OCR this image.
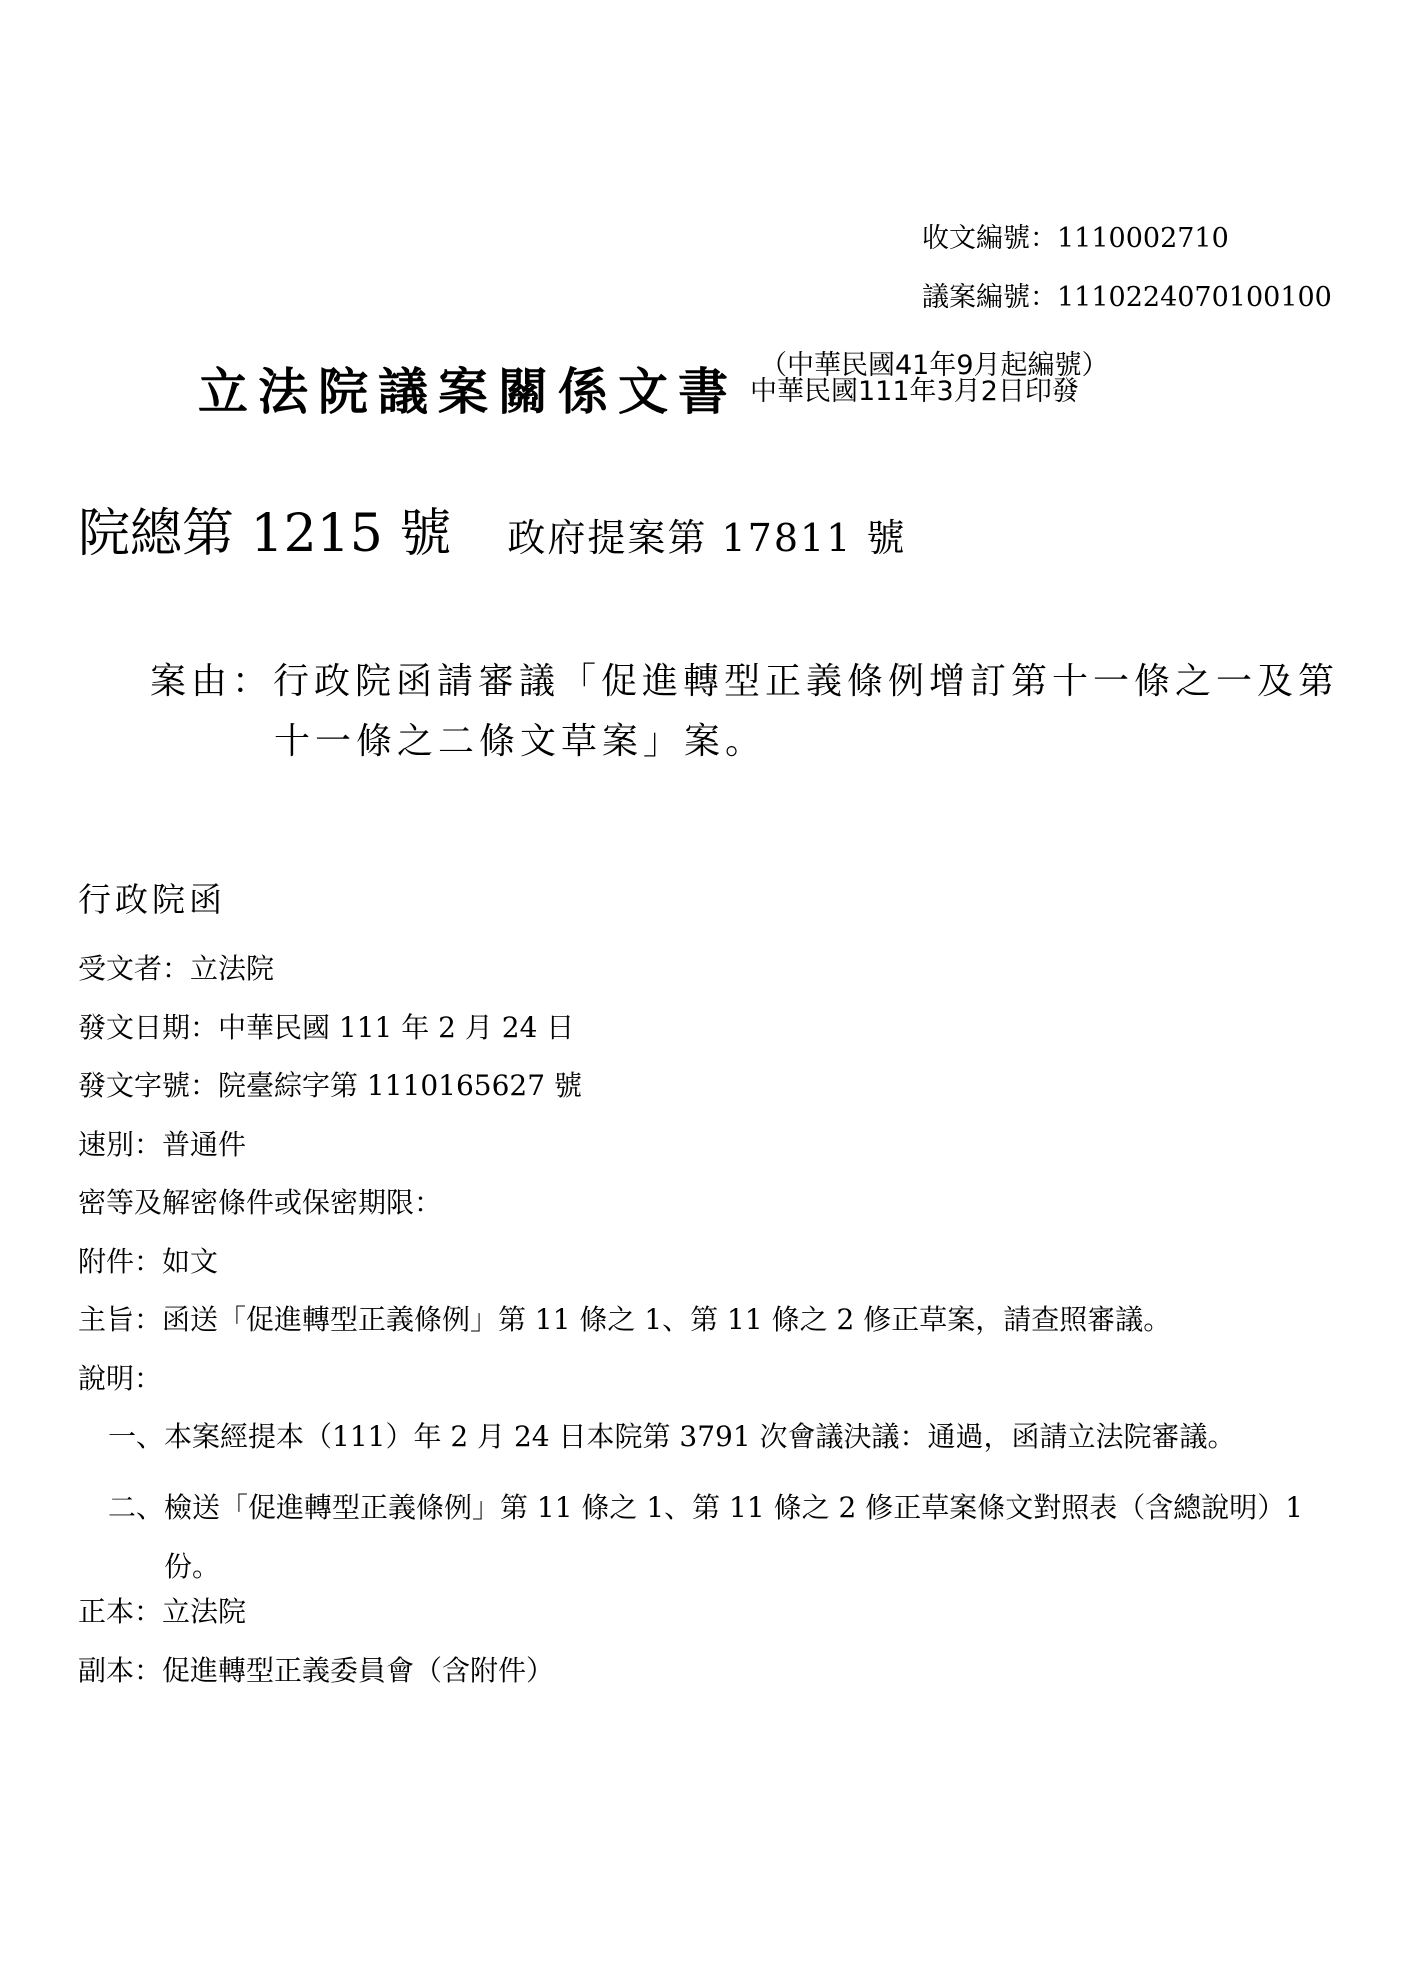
收文編號：1110002710
議案編號：1110224070100100
立法院議案關係文書 （中華民國41年9月起編號）
中華民國111年3月2日印發
院總第 1215 號 政府提案第 17811 號
案由：行政院函請審議「促進轉型正義條例增訂第十一條之一及第
十一條之二條文草案」案。
行政院函
受文者：立法院
發文日期：中華民國 111 年 2 月 24 日
發文字號：院臺綜字第 1110165627 號
速別：普通件
密等及解密條件或保密期限：
附件：如文
主旨：函送「促進轉型正義條例」第 11 條之 1、第 11 條之 2 修正草案，請查照審議。
說明：
一、本案經提本（111）年 2 月 24 日本院第 3791 次會議決議：通過，函請立法院審議。
二、檢送「促進轉型正義條例」第 11 條之 1、第 11 條之 2 修正草案條文對照表（含總說明）1
份。
正本：立法院
副本：促進轉型正義委員會（含附件）
